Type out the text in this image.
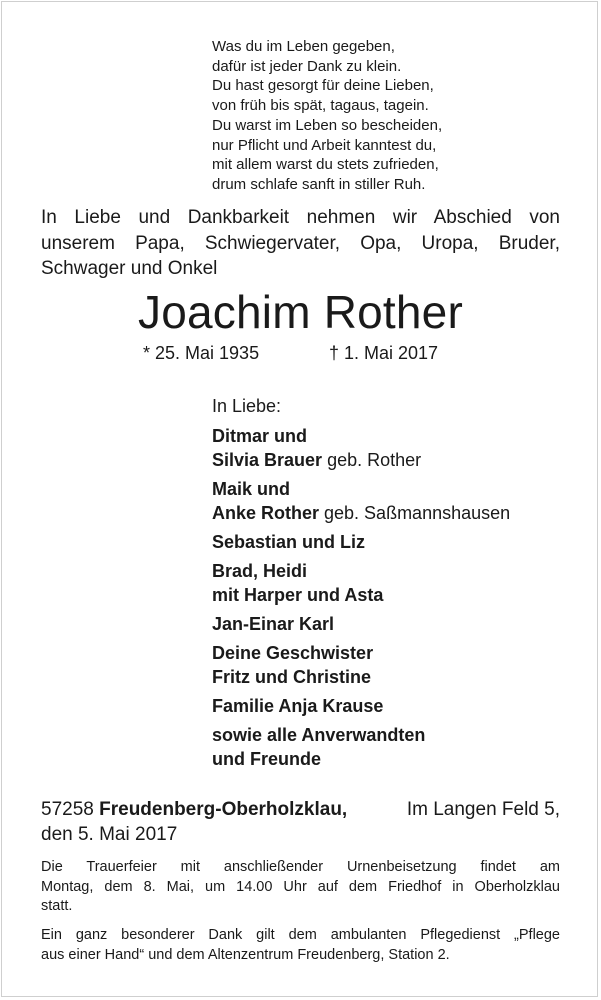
Was du im Leben gegeben,
dafür ist jeder Dank zu klein.
Du hast gesorgt für deine Lieben,
von früh bis spät, tagaus, tagein.
Du warst im Leben so bescheiden,
nur Pflicht und Arbeit kanntest du,
mit allem warst du stets zufrieden,
drum schlafe sanft in stiller Ruh.
In Liebe und Dankbarkeit nehmen wir Abschied von
unserem Papa, Schwiegervater, Opa, Uropa, Bruder,
Schwager und Onkel
Joachim Rother
* 25. Mai 1935	† 1. Mai 2017
In Liebe:
Ditmar und
Silvia Brauer geb. Rother
Maik und
Anke Rother geb. Saßmannshausen
Sebastian und Liz
Brad, Heidi
mit Harper und Asta
Jan-Einar Karl
Deine Geschwister
Fritz und Christine
Familie Anja Krause
sowie alle Anverwandten
und Freunde
57258 Freudenberg-Oberholzklau,	Im Langen Feld 5,
den 5. Mai 2017
Die Trauerfeier mit anschließender Urnenbeisetzung findet am
Montag, dem 8. Mai, um 14.00 Uhr auf dem Friedhof in Oberholzklau
statt.
Ein ganz besonderer Dank gilt dem ambulanten Pflegedienst „Pflege
aus einer Hand“ und dem Altenzentrum Freudenberg, Station 2.
